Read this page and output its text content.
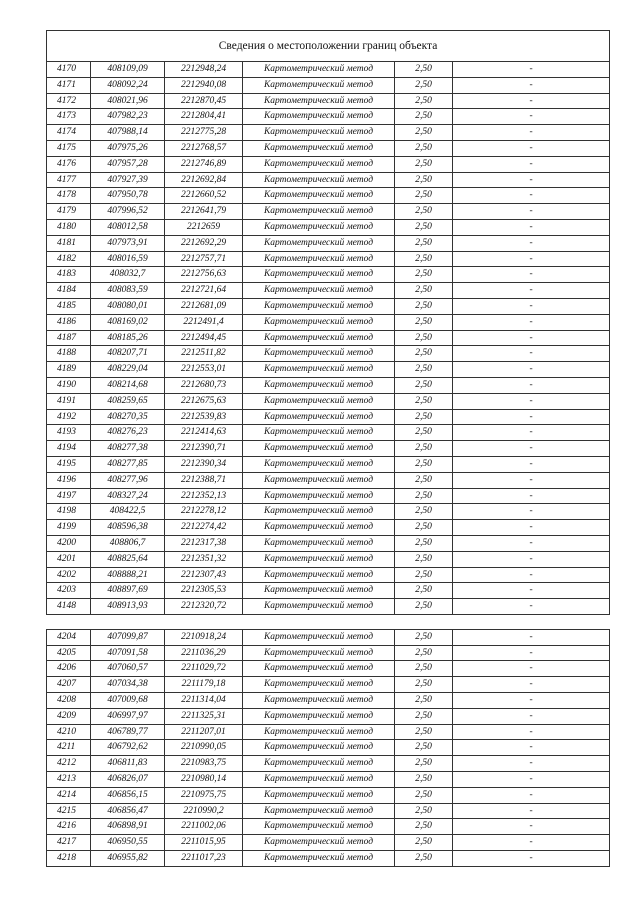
Сведения о местоположении границ объекта					
4170	408109,09	2212948,24	Картометрический метод	2,50	-
4171	408092,24	2212940,08	Картометрический метод	2,50	-
4172	408021,96	2212870,45	Картометрический метод	2,50	-
4173	407982,23	2212804,41	Картометрический метод	2,50	-
4174	407988,14	2212775,28	Картометрический метод	2,50	-
4175	407975,26	2212768,57	Картометрический метод	2,50	-
4176	407957,28	2212746,89	Картометрический метод	2,50	-
4177	407927,39	2212692,84	Картометрический метод	2,50	-
4178	407950,78	2212660,52	Картометрический метод	2,50	-
4179	407996,52	2212641,79	Картометрический метод	2,50	-
4180	408012,58	2212659	Картометрический метод	2,50	-
4181	407973,91	2212692,29	Картометрический метод	2,50	-
4182	408016,59	2212757,71	Картометрический метод	2,50	-
4183	408032,7	2212756,63	Картометрический метод	2,50	-
4184	408083,59	2212721,64	Картометрический метод	2,50	-
4185	408080,01	2212681,09	Картометрический метод	2,50	-
4186	408169,02	2212491,4	Картометрический метод	2,50	-
4187	408185,26	2212494,45	Картометрический метод	2,50	-
4188	408207,71	2212511,82	Картометрический метод	2,50	-
4189	408229,04	2212553,01	Картометрический метод	2,50	-
4190	408214,68	2212680,73	Картометрический метод	2,50	-
4191	408259,65	2212675,63	Картометрический метод	2,50	-
4192	408270,35	2212539,83	Картометрический метод	2,50	-
4193	408276,23	2212414,63	Картометрический метод	2,50	-
4194	408277,38	2212390,71	Картометрический метод	2,50	-
4195	408277,85	2212390,34	Картометрический метод	2,50	-
4196	408277,96	2212388,71	Картометрический метод	2,50	-
4197	408327,24	2212352,13	Картометрический метод	2,50	-
4198	408422,5	2212278,12	Картометрический метод	2,50	-
4199	408596,38	2212274,42	Картометрический метод	2,50	-
4200	408806,7	2212317,38	Картометрический метод	2,50	-
4201	408825,64	2212351,32	Картометрический метод	2,50	-
4202	408888,21	2212307,43	Картометрический метод	2,50	-
4203	408897,69	2212305,53	Картометрический метод	2,50	-
4148	408913,93	2212320,72	Картометрический метод	2,50	-

4204	407099,87	2210918,24	Картометрический метод	2,50	-
4205	407091,58	2211036,29	Картометрический метод	2,50	-
4206	407060,57	2211029,72	Картометрический метод	2,50	-
4207	407034,38	2211179,18	Картометрический метод	2,50	-
4208	407009,68	2211314,04	Картометрический метод	2,50	-
4209	406997,97	2211325,31	Картометрический метод	2,50	-
4210	406789,77	2211207,01	Картометрический метод	2,50	-
4211	406792,62	2210990,05	Картометрический метод	2,50	-
4212	406811,83	2210983,75	Картометрический метод	2,50	-
4213	406826,07	2210980,14	Картометрический метод	2,50	-
4214	406856,15	2210975,75	Картометрический метод	2,50	-
4215	406856,47	2210990,2	Картометрический метод	2,50	-
4216	406898,91	2211002,06	Картометрический метод	2,50	-
4217	406950,55	2211015,95	Картометрический метод	2,50	-
4218	406955,82	2211017,23	Картометрический метод	2,50	-
